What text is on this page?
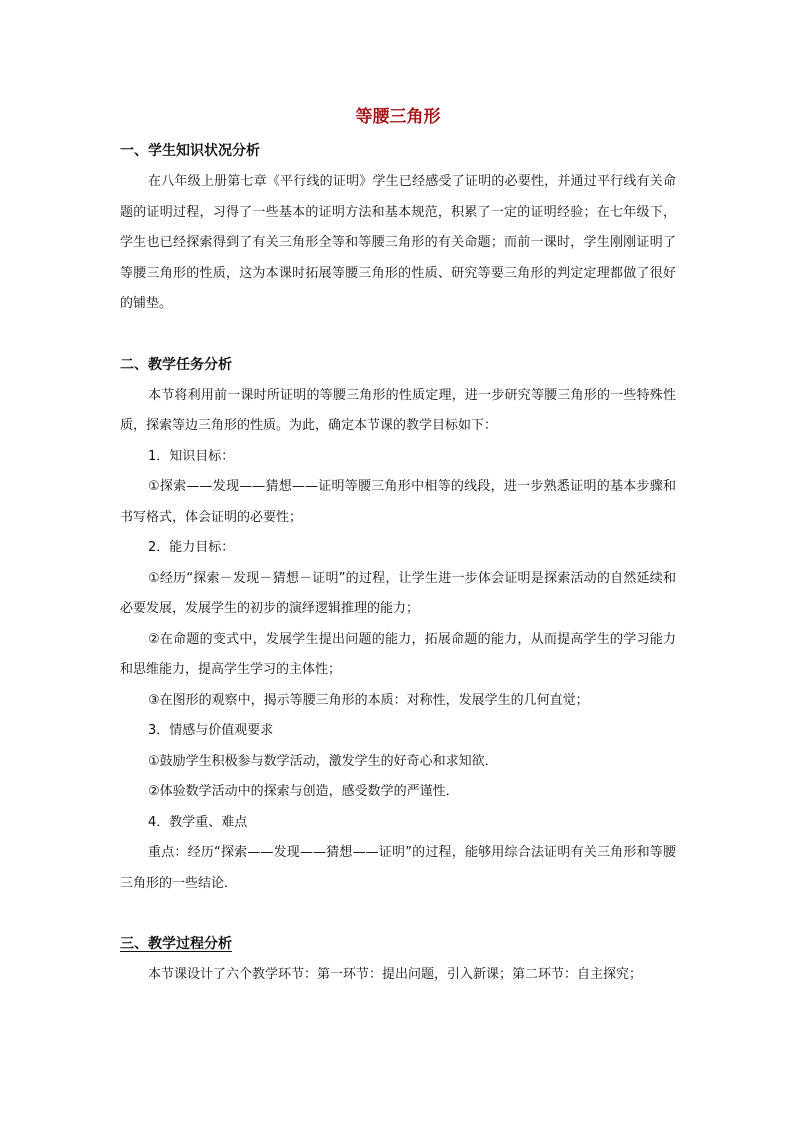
等腰三角形
一、学生知识状况分析

在八年级上册第七章《平行线的证明》学生已经感受了证明的必要性，并通过平行线有关命题的证明过程，习得了一些基本的证明方法和基本规范，积累了一定的证明经验；在七年级下，学生也已经探索得到了有关三角形全等和等腰三角形的有关命题；而前一课时，学生刚刚证明了等腰三角形的性质，这为本课时拓展等腰三角形的性质、研究等要三角形的判定定理都做了很好的铺垫。

二、教学任务分析

本节将利用前一课时所证明的等腰三角形的性质定理，进一步研究等腰三角形的一些特殊性质，探索等边三角形的性质。为此，确定本节课的教学目标如下：

1．知识目标：

①探索——发现——猜想——证明等腰三角形中相等的线段，进一步熟悉证明的基本步骤和书写格式，体会证明的必要性；

2．能力目标：

①经历“探索－发现－猜想－证明”的过程，让学生进一步体会证明是探索活动的自然延续和必要发展，发展学生的初步的演绎逻辑推理的能力；

②在命题的变式中，发展学生提出问题的能力，拓展命题的能力，从而提高学生的学习能力和思维能力，提高学生学习的主体性；

③在图形的观察中，揭示等腰三角形的本质：对称性，发展学生的几何直觉；

3．情感与价值观要求

①鼓励学生积极参与数学活动，激发学生的好奇心和求知欲．

②体验数学活动中的探索与创造，感受数学的严谨性．

4．教学重、难点

重点：经历“探索——发现——猜想——证明”的过程，能够用综合法证明有关三角形和等腰三角形的一些结论．

三、教学过程分析

本节课设计了六个教学环节：第一环节：提出问题，引入新课；第二环节：自主探究；
